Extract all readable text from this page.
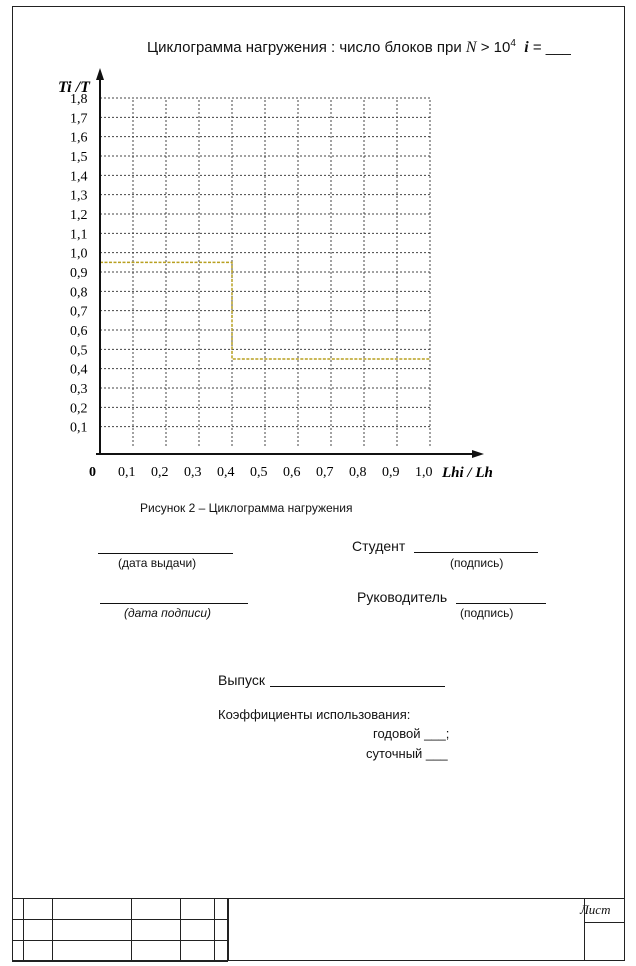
Циклограмма нагружения : число блоков при $N > 10^4$ i = ___
0,1
0,2
0,3
0,4
0,5
0,6
0,7
0,8
0,9
1,0
1,1
1,2
1,3
1,4
1,5
1,6
1,7
1,8
0,1 0,2 0,3 0,4 0,5 0,6 0,7 0,8 0,9 1,0
0
Ti /T
Lhi / Lh
Рисунок 2 – Циклограмма нагружения
(дата выдачи)
Студент
(подпись)
(дата подписи)
Руководитель
(подпись)
Выпуск
Коэффициенты использования:
годовой ___;
суточный ___

Лист
